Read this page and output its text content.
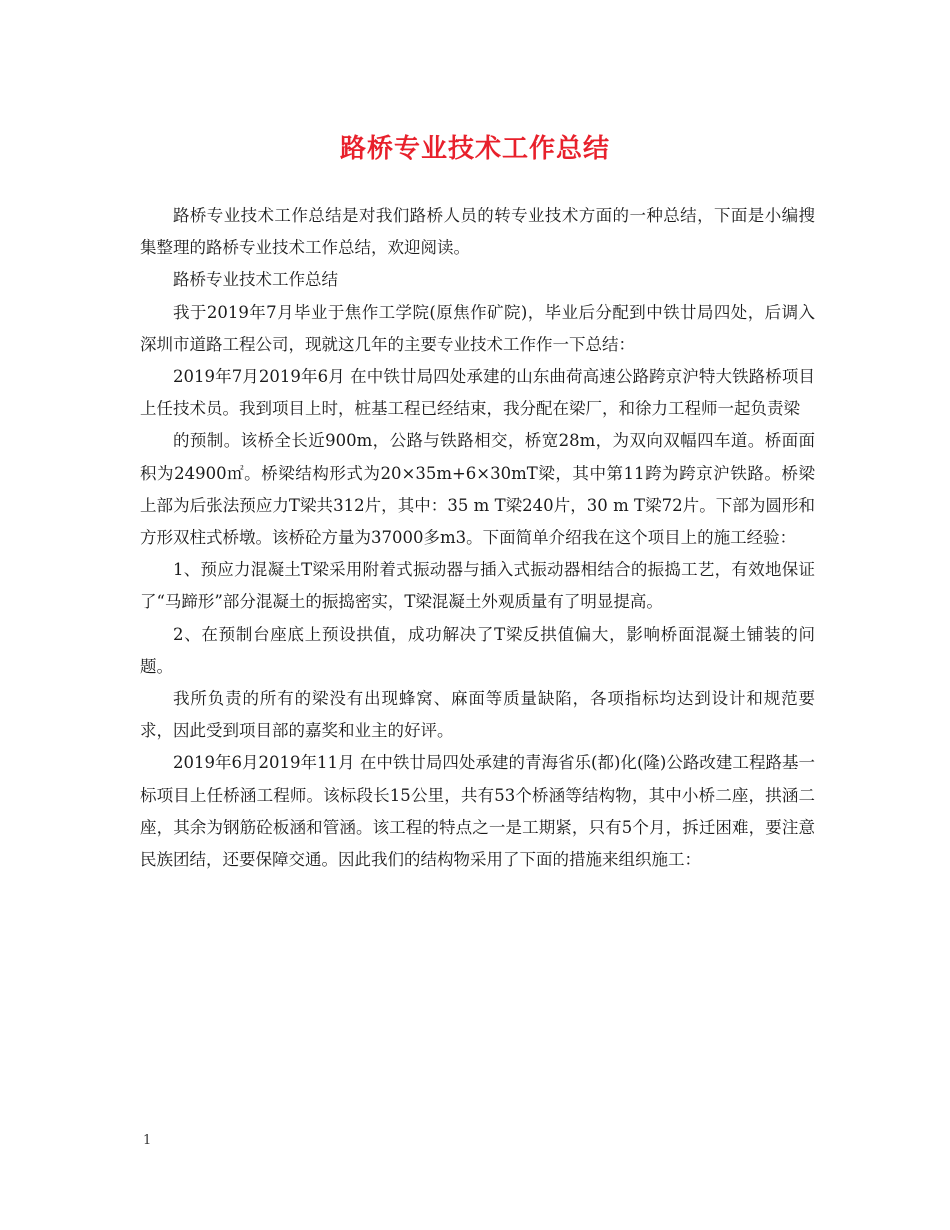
路桥专业技术工作总结

路桥专业技术工作总结是对我们路桥人员的转专业技术方面的一种总结，下面是小编搜集整理的路桥专业技术工作总结，欢迎阅读。

路桥专业技术工作总结

我于2019年7月毕业于焦作工学院(原焦作矿院)，毕业后分配到中铁廿局四处，后调入深圳市道路工程公司，现就这几年的主要专业技术工作作一下总结：

2019年7月2019年6月 在中铁廿局四处承建的山东曲荷高速公路跨京沪特大铁路桥项目上任技术员。我到项目上时，桩基工程已经结束，我分配在梁厂，和徐力工程师一起负责梁

的预制。该桥全长近900m，公路与铁路相交，桥宽28m，为双向双幅四车道。桥面面积为24900㎡。桥梁结构形式为20×35m+6×30mT梁，其中第11跨为跨京沪铁路。桥梁上部为后张法预应力T梁共312片，其中：35 m T梁240片，30 m T梁72片。下部为圆形和方形双柱式桥墩。该桥砼方量为37000多m3。下面简单介绍我在这个项目上的施工经验：

1、预应力混凝土T梁采用附着式振动器与插入式振动器相结合的振捣工艺，有效地保证了“马蹄形”部分混凝土的振捣密实，T梁混凝土外观质量有了明显提高。

2、在预制台座底上预设拱值，成功解决了T梁反拱值偏大，影响桥面混凝土铺装的问题。

我所负责的所有的梁没有出现蜂窝、麻面等质量缺陷，各项指标均达到设计和规范要求，因此受到项目部的嘉奖和业主的好评。

2019年6月2019年11月 在中铁廿局四处承建的青海省乐(都)化(隆)公路改建工程路基一标项目上任桥涵工程师。该标段长15公里，共有53个桥涵等结构物，其中小桥二座，拱涵二座，其余为钢筋砼板涵和管涵。该工程的特点之一是工期紧，只有5个月，拆迁困难，要注意民族团结，还要保障交通。因此我们的结构物采用了下面的措施来组织施工：

1
